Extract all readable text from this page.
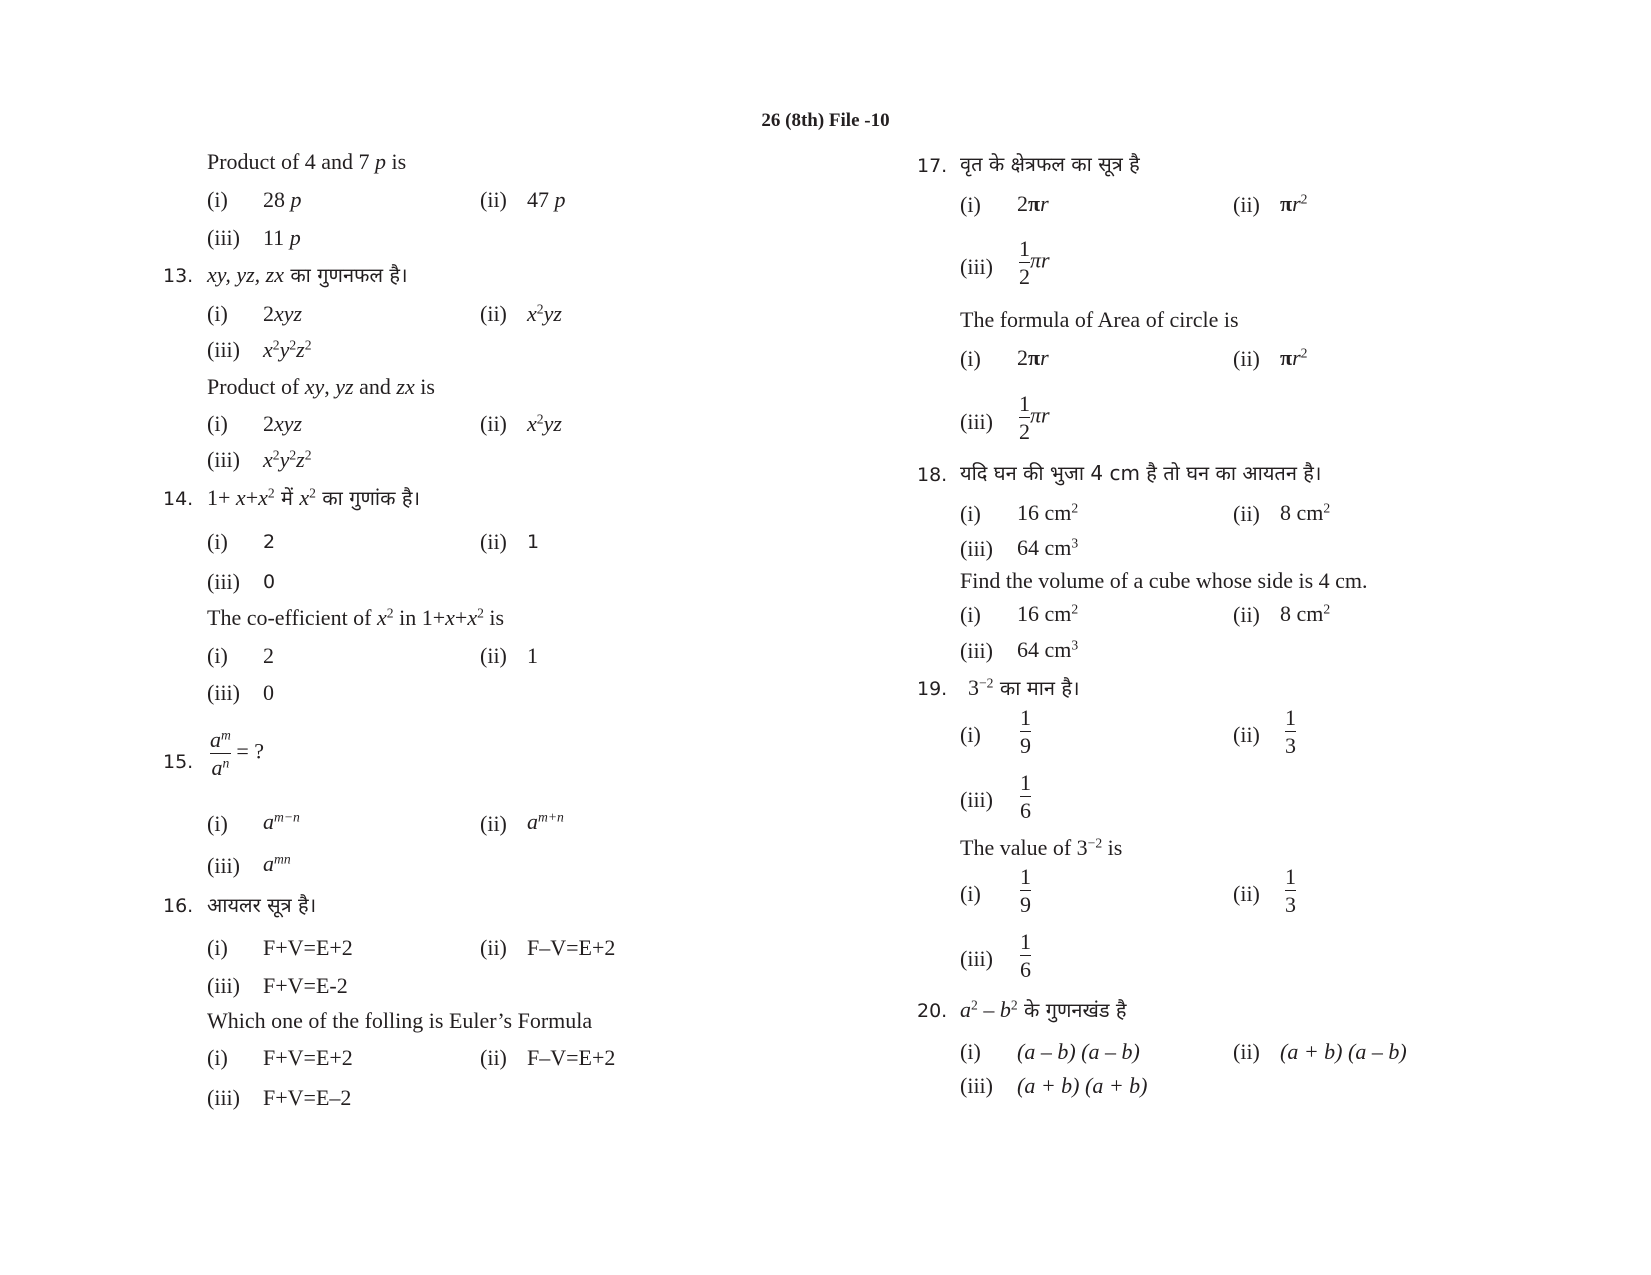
26 (8th) File -10
Product of 4 and 7 p is
(i) 28 p	(ii) 47 p
(iii) 11 p
13. xy, yz, zx का गुणनफल है।
(i) 2xyz	(ii) $x^2yz$
(iii) $x^2y^2z^2$
Product of xy, yz and zx is
(i) 2xyz	(ii) $x^2yz$
(iii) $x^2y^2z^2$
14. $1+ x+x^2$ में $x^2$ का गुणांक है।
(i) 2	(ii) 1
(iii) 0
The co-efficient of $x^2$ in $1+x+x^2$ is
(i) 2	(ii) 1
(iii) 0
15. $\frac{a^m}{a^n}$ = ?
(i) $a^{m-n}$	(ii) $a^{m+n}$
(iii) $a^{mn}$
16. आयलर सूत्र है।
(i) F+V=E+2	(ii) F–V=E+2
(iii) F+V=E-2
Which one of the folling is Euler’s Formula
(i) F+V=E+2	(ii) F–V=E+2
(iii) F+V=E–2
17. वृत के क्षेत्रफल का सूत्र है
(i) 2πr	(ii) $\pi r^2$
$(iii) \frac{1}{2}$ πr
The formula of Area of circle is
(i) 2πr	(ii) $\pi r^2$
$(iii) \frac{1}{2}$ πr
18. यदि घन की भुजा 4 cm है तो घन का आयतन है।
(i) 16 $cm^2$	(ii) 8 $cm^2$
(iii) 64 $cm^3$
Find the volume of a cube whose side is 4 cm.
(i) 16 $cm^2$	(ii) 8 $cm^2$
(iii) 64 $cm^3$
19. $3^{-2}$ का मान है।
$(i) \frac{1}{9}$	$(ii) \frac{1}{3}$
$(iii) \frac{1}{6}$
The value of $3^{-2}$ is
$(i) \frac{1}{9}$	$(ii) \frac{1}{3}$
$(iii) \frac{1}{6}$
20. $a^2 - b^2$ के गुणनखंड है
(i) (a – b) (a – b)	(ii) (a + b) (a – b)
(iii) (a + b) (a + b)
